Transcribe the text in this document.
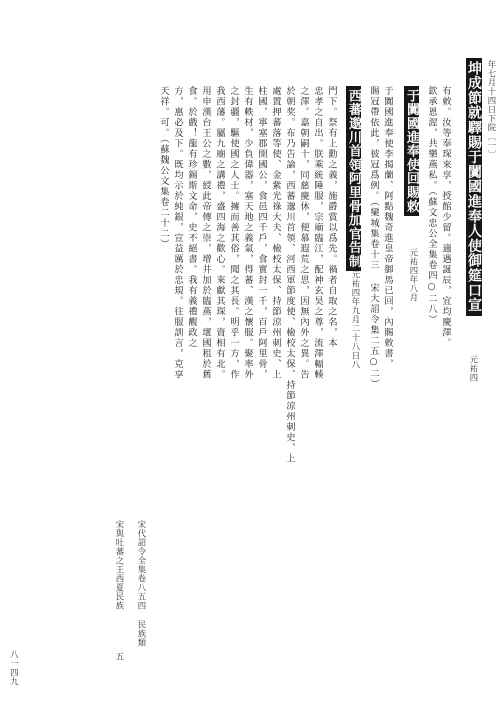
坤成節就驛賜于闐國進奉人使御筵口宣 年七月十四日下院〔一〕
元祐四
有敕。汝等奉琛來享，授館少留。適遇誕辰，宜均慶澤。
欽承恩渥，共樂燕私。（蘇文忠公全集卷四○二八）
于闐國進奉使回賜敕
元祐四年八月
于闐國進奉使李揭蘭、阿點魏奇進皇帝御馬已回，內賜敕書，
賜冠帶依此，彼冠爲例。（欒城集卷十三 宋大詔令集二五○二）
西蕃邈川首領阿里骨加官告制
元祐四年九月二十八日
八
門下。祭有上勳之義，施爵賞以爲先。禍者自取之名，本
忠孝之自出。朕乘統陲服，宗廟臨江，配神玄昊之尊，流澤輻輳
之澤。嘉朝嗣十，同慈慶休，便慕遐荒之思，因無內外之異。告
於朝奖。布乃告論，西蕃邈川首領、河西軍節度使、檢校太保、持節涼州刺史、上
處置押蕃落等使、金紫光祿大夫、檢校太保、持節涼州刺史、上
柱國，寧塞郡開國公，食邑四千戶，食實封一千，百戶阿里骨，
生有軼材，少負偉器，塞天地之義氣，得蕃、漢之懷服。聚率外
之封疆，驅使國之人士。擁而善其俗，聞之其長。明乎一方，作
我西藩。屬九廟之講禮，盛四海之歡心。來獻其琛，資相有北。
用申漢台王公之數，綬此帝傳之崇，增井加於臨燕，壞國租於舊
食。於戲！龍有珍錫斯文命，史不絕書。我有義禮觀政之
方，惠必及下。既均示於純銀，宣益厲於忠規。往服訓言，克享
天祥。可。（蘇魏公文集卷二十二）
宋代詔令全集卷八五四
民族類
宋與吐蕃之王西夏民族
五
八一四九
